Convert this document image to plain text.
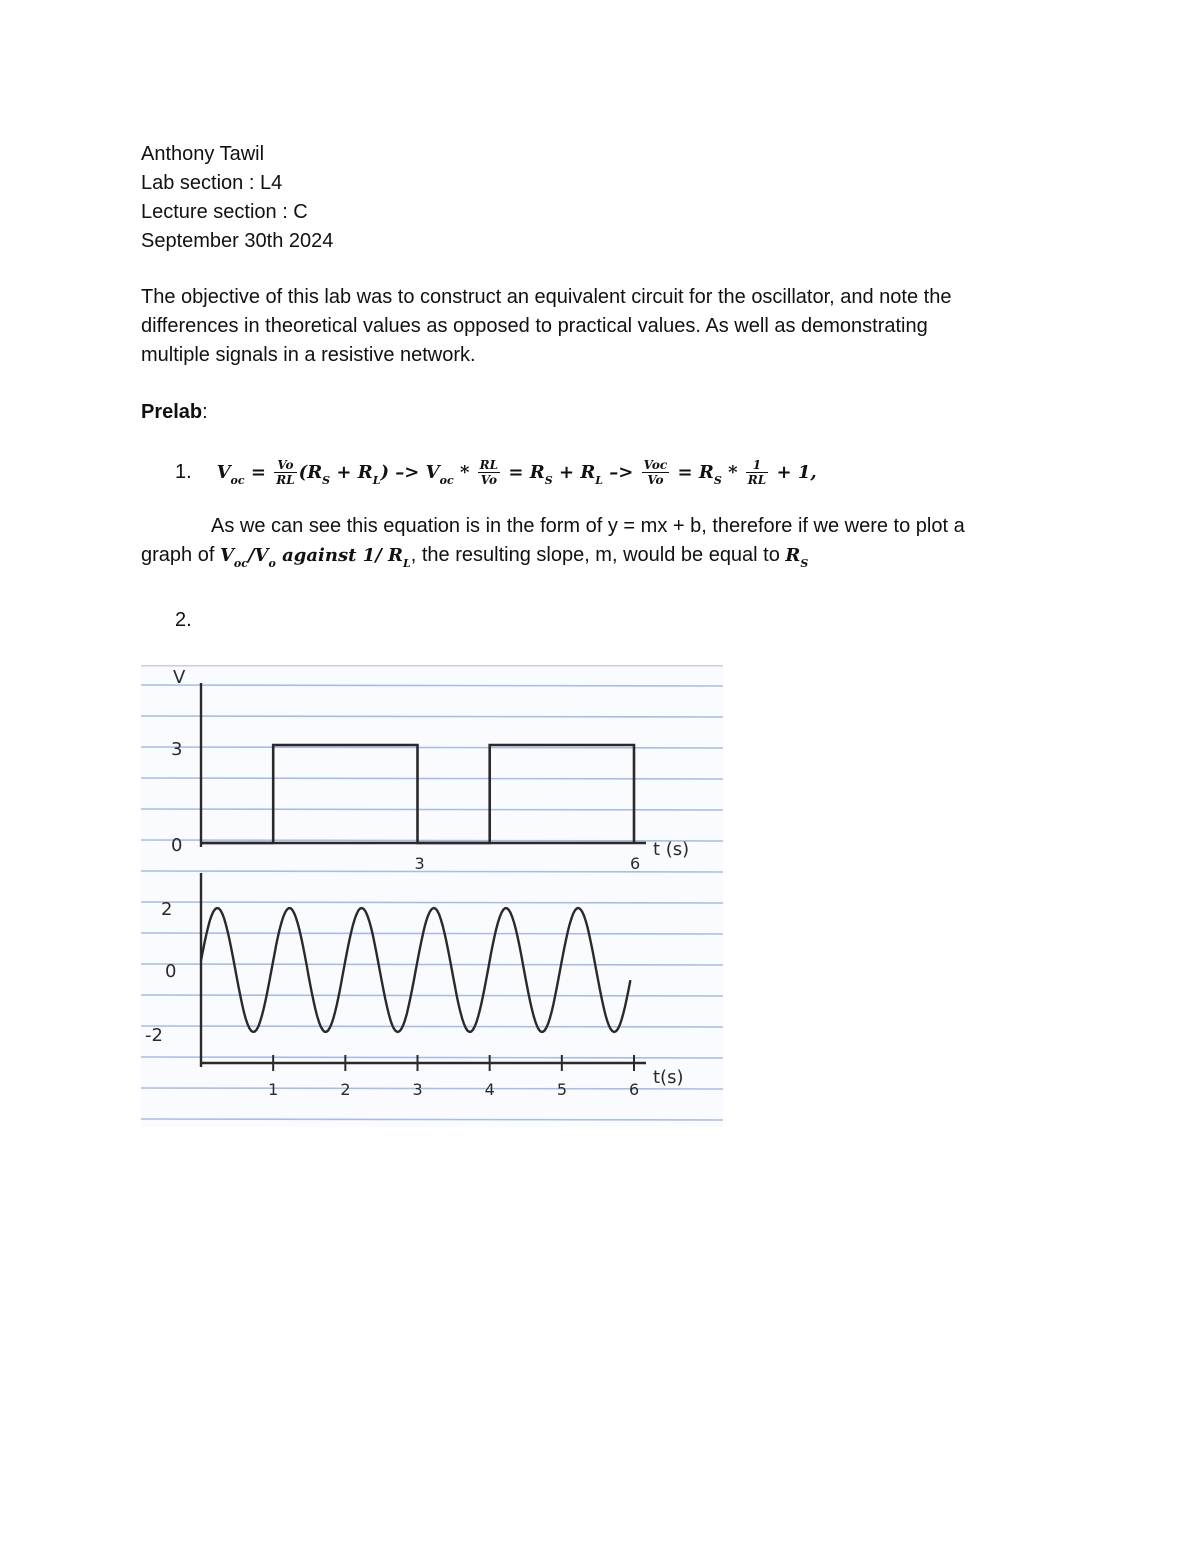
Anthony Tawil
Lab section : L4
Lecture section : C
September 30th 2024

The objective of this lab was to construct an equivalent circuit for the oscillator, and note the

differences in theoretical values as opposed to practical values. As well as demonstrating

multiple signals in a resistive network.

Prelab:
1. $V_{oc} = \frac{Vo}{RL} (R_S + R_L) -> V_{oc} * \frac{RL}{Vo} = R_S + R_L -> \frac{\text{Voc}}{Vo} = R_S * \frac{1}{RL} + 1$,
As we can see this equation is in the form of y = mx + b, therefore if we were to plot a
graph of $V_{oc}/V_o$ against 1/ $R_L$, the resulting slope, m, would be equal to $R_S$
2.
V
3
0
3	6
t (s)
2
0
-2
1	2	3	4	5	6
t(s)
